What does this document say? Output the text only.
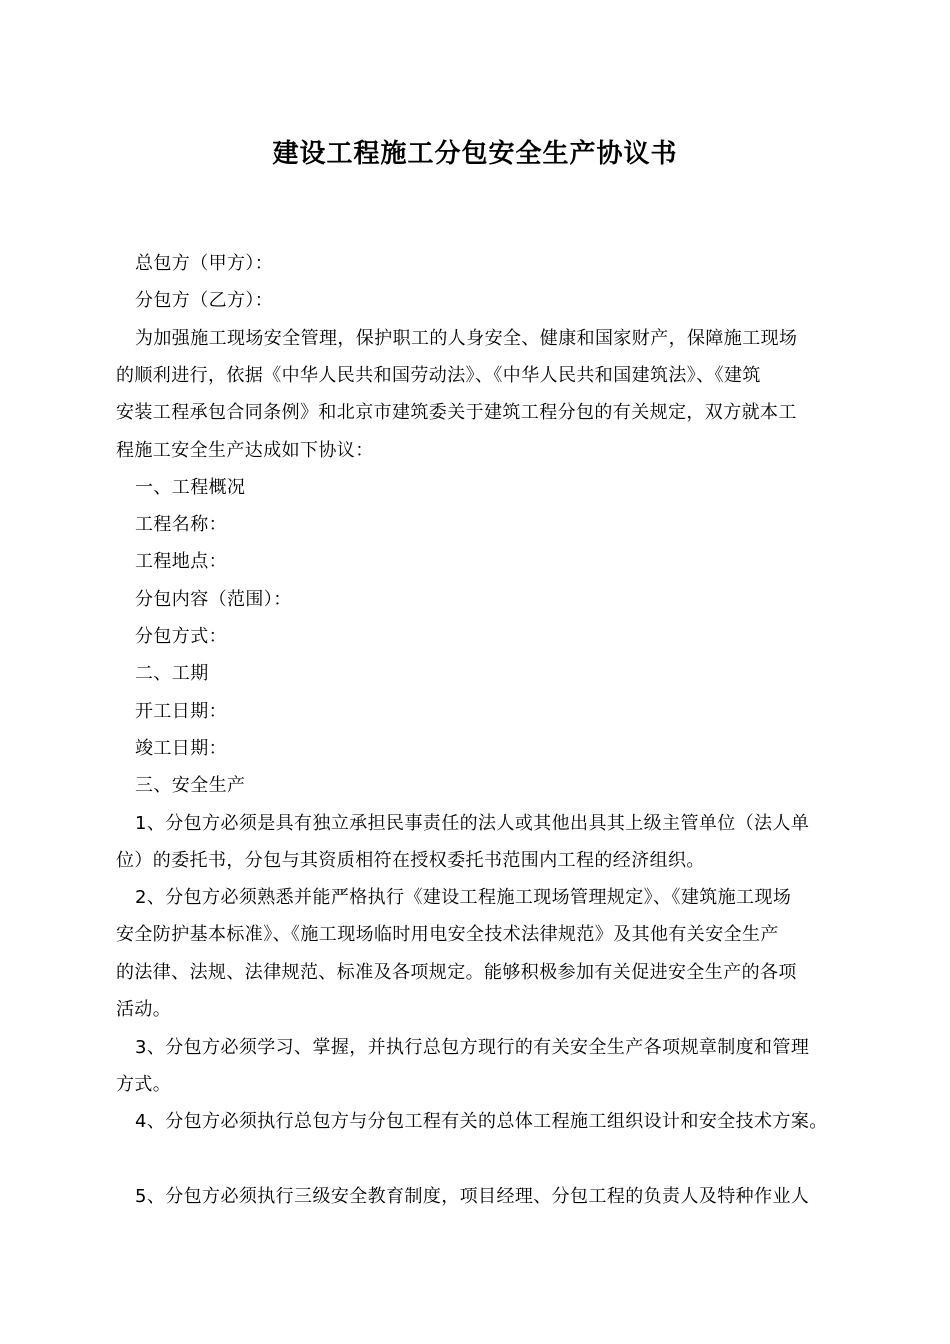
建设工程施工分包安全生产协议书
总包方（甲方）：
分包方（乙方）：
为加强施工现场安全管理，保护职工的人身安全、健康和国家财产，保障施工现场
的顺利进行，依据《中华人民共和国劳动法》、《中华人民共和国建筑法》、《建筑
安装工程承包合同条例》和北京市建筑委关于建筑工程分包的有关规定，双方就本工
程施工安全生产达成如下协议：
一、工程概况
工程名称：
工程地点：
分包内容（范围）：
分包方式：
二、工期
开工日期：
竣工日期：
三、安全生产
1、分包方必须是具有独立承担民事责任的法人或其他出具其上级主管单位（法人单
位）的委托书，分包与其资质相符在授权委托书范围内工程的经济组织。
2、分包方必须熟悉并能严格执行《建设工程施工现场管理规定》、《建筑施工现场
安全防护基本标准》、《施工现场临时用电安全技术法律规范》及其他有关安全生产
的法律、法规、法律规范、标准及各项规定。能够积极参加有关促进安全生产的各项
活动。
3、分包方必须学习、掌握，并执行总包方现行的有关安全生产各项规章制度和管理
方式。
4、分包方必须执行总包方与分包工程有关的总体工程施工组织设计和安全技术方案。
5、分包方必须执行三级安全教育制度，项目经理、分包工程的负责人及特种作业人
